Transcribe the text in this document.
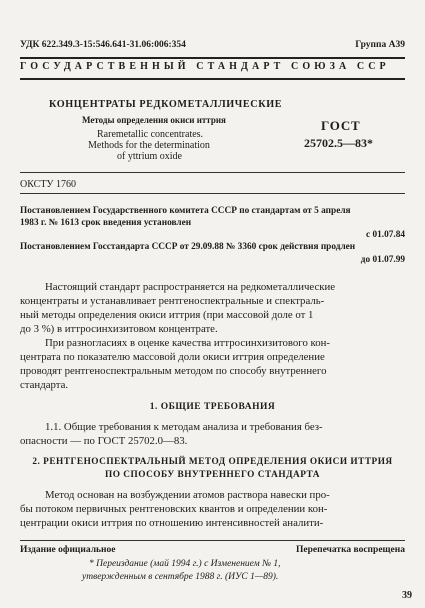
УДК 622.349.3-15:546.641-31.06:006:354	Группа А39
ГОСУДАРСТВЕННЫЙ СТАНДАРТ СОЮЗА ССР
КОНЦЕНТРАТЫ РЕДКОМЕТАЛЛИЧЕСКИЕ
Методы определения окиси иттрия
Raremetallic concentrates.
Methods for the determination
of yttrium oxide
ГОСТ
25702.5—83*
ОКСТУ 1760
Постановлением Государственного комитета СССР по стандартам от 5 апреля
1983 г. № 1613 срок введения установлен
с 01.07.84
Постановлением Госстандарта СССР от 29.09.88 № 3360 срок действия продлен
до 01.07.99
Настоящий стандарт распространяется на редкометаллические
концентраты и устанавливает рентгеноспектральные и спектраль-
ный методы определения окиси иттрия (при массовой доле от 1
до 3 %) в иттросинхизитовом концентрате.
При разногласиях в оценке качества иттросинхизитового кон-
центрата по показателю массовой доли окиси иттрия определение
проводят рентгеноспектральным методом по способу внутреннего
стандарта.
1. ОБЩИЕ ТРЕБОВАНИЯ
1.1. Общие требования к методам анализа и требования без-
опасности — по ГОСТ 25702.0—83.
2. РЕНТГЕНОСПЕКТРАЛЬНЫЙ МЕТОД ОПРЕДЕЛЕНИЯ ОКИСИ ИТТРИЯ
ПО СПОСОБУ ВНУТРЕННЕГО СТАНДАРТА
Метод основан на возбуждении атомов раствора навески про-
бы потоком первичных рентгеновских квантов и определении кон-
центрации окиси иттрия по отношению интенсивностей аналити-
Издание официальное	Перепечатка воспрещена
* Переиздание (май 1994 г.) с Изменением № 1,
утвержденным в сентябре 1988 г. (ИУС 1—89).
39
